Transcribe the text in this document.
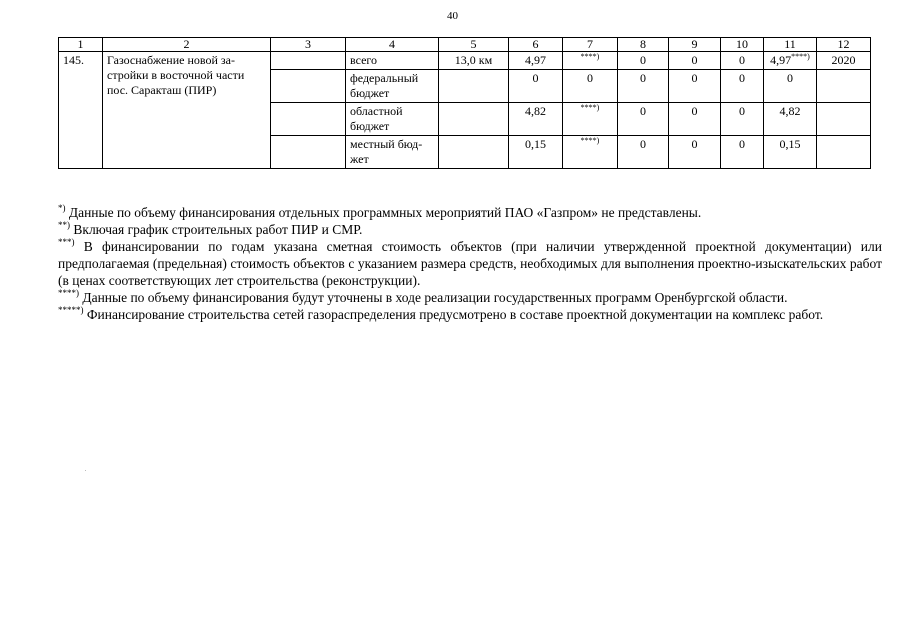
40
1	2	3	4	5	6	7	8	9	10	11	12
145.	Газоснабжение новой за-стройки в восточной части пос. Саракташ (ПИР)		всего	13,0 км	4,97	****)	0	0	0	4,97****)	2020
			федеральный бюджет		0	0	0	0	0	0	
			областной бюджет		4,82	****)	0	0	0	4,82	
			местный бюд-жет		0,15	****)	0	0	0	0,15	

*) Данные по объему финансирования отдельных программных мероприятий ПАО «Газпром» не представлены.

**) Включая график строительных работ ПИР и СМР.

***) В финансировании по годам указана сметная стоимость объектов (при наличии утвержденной проектной документации) или предполагаемая (предельная) стоимость объектов с указанием размера средств, необходимых для выполнения проектно-изыскательских работ (в ценах соответствующих лет строительства (реконструкции).

****) Данные по объему финансирования будут уточнены в ходе реализации государственных программ Оренбургской области.

*****) Финансирование строительства сетей газораспределения предусмотрено в составе проектной документации на комплекс работ.
